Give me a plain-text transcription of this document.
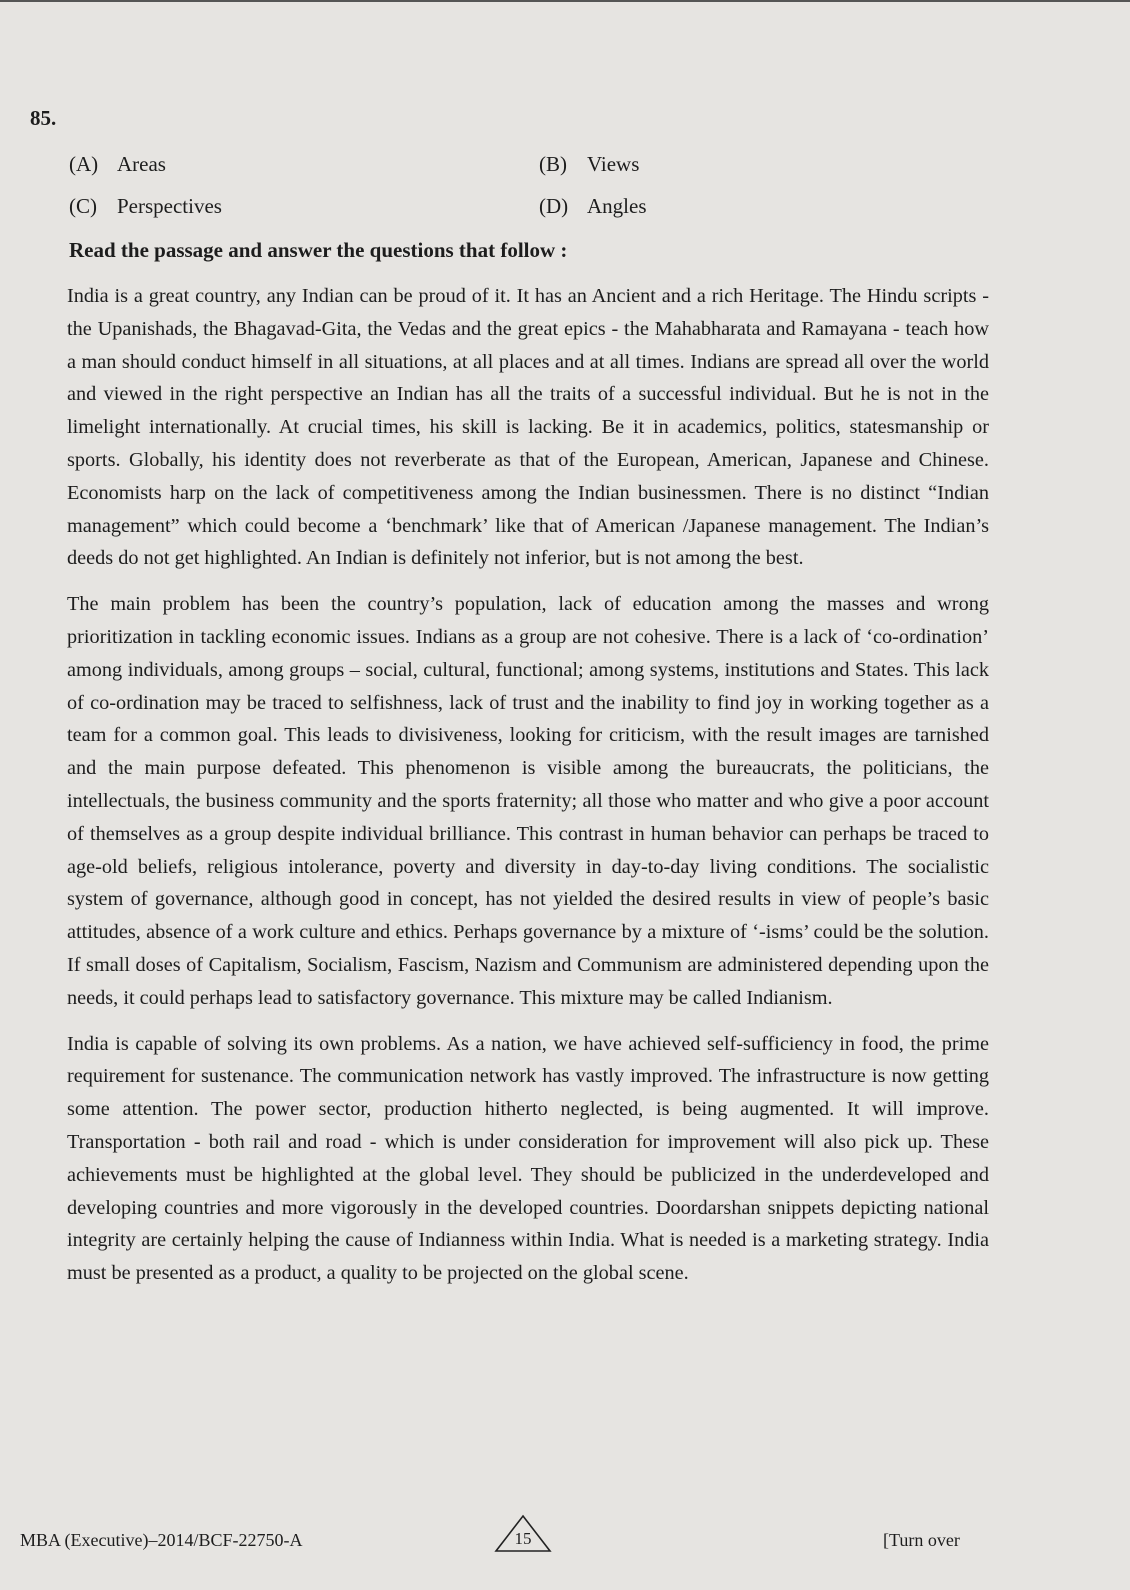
85.
(A) Areas	(B) Views
(C) Perspectives	(D) Angles
Read the passage and answer the questions that follow :

India is a great country, any Indian can be proud of it. It has an Ancient and a rich Heritage. The Hindu scripts - the Upanishads, the Bhagavad-Gita, the Vedas and the great epics - the Mahabharata and Ramayana - teach how a man should conduct himself in all situations, at all places and at all times. Indians are spread all over the world and viewed in the right perspective an Indian has all the traits of a successful individual. But he is not in the limelight internationally. At crucial times, his skill is lacking. Be it in academics, politics, statesmanship or sports. Globally, his identity does not reverberate as that of the European, American, Japanese and Chinese. Economists harp on the lack of competitiveness among the Indian businessmen. There is no distinct “Indian management” which could become a ‘benchmark’ like that of American /Japanese management. The Indian’s deeds do not get highlighted. An Indian is definitely not inferior, but is not among the best.

The main problem has been the country’s population, lack of education among the masses and wrong prioritization in tackling economic issues. Indians as a group are not cohesive. There is a lack of ‘co-ordination’ among individuals, among groups – social, cultural, functional; among systems, institutions and States. This lack of co-ordination may be traced to selfishness, lack of trust and the inability to find joy in working together as a team for a common goal. This leads to divisiveness, looking for criticism, with the result images are tarnished and the main purpose defeated. This phenomenon is visible among the bureaucrats, the politicians, the intellectuals, the business community and the sports fraternity; all those who matter and who give a poor account of themselves as a group despite individual brilliance. This contrast in human behavior can perhaps be traced to age-old beliefs, religious intolerance, poverty and diversity in day-to-day living conditions. The socialistic system of governance, although good in concept, has not yielded the desired results in view of people’s basic attitudes, absence of a work culture and ethics. Perhaps governance by a mixture of ‘-isms’ could be the solution. If small doses of Capitalism, Socialism, Fascism, Nazism and Communism are administered depending upon the needs, it could perhaps lead to satisfactory governance. This mixture may be called Indianism.

India is capable of solving its own problems. As a nation, we have achieved self-sufficiency in food, the prime requirement for sustenance. The communication network has vastly improved. The infrastructure is now getting some attention. The power sector, production hitherto neglected, is being augmented. It will improve. Transportation - both rail and road - which is under consideration for improvement will also pick up. These achievements must be highlighted at the global level. They should be publicized in the underdeveloped and developing countries and more vigorously in the developed countries. Doordarshan snippets depicting national integrity are certainly helping the cause of Indianness within India. What is needed is a marketing strategy. India must be presented as a product, a quality to be projected on the global scene.

MBA (Executive)–2014/BCF-22750-A	15	[Turn over
